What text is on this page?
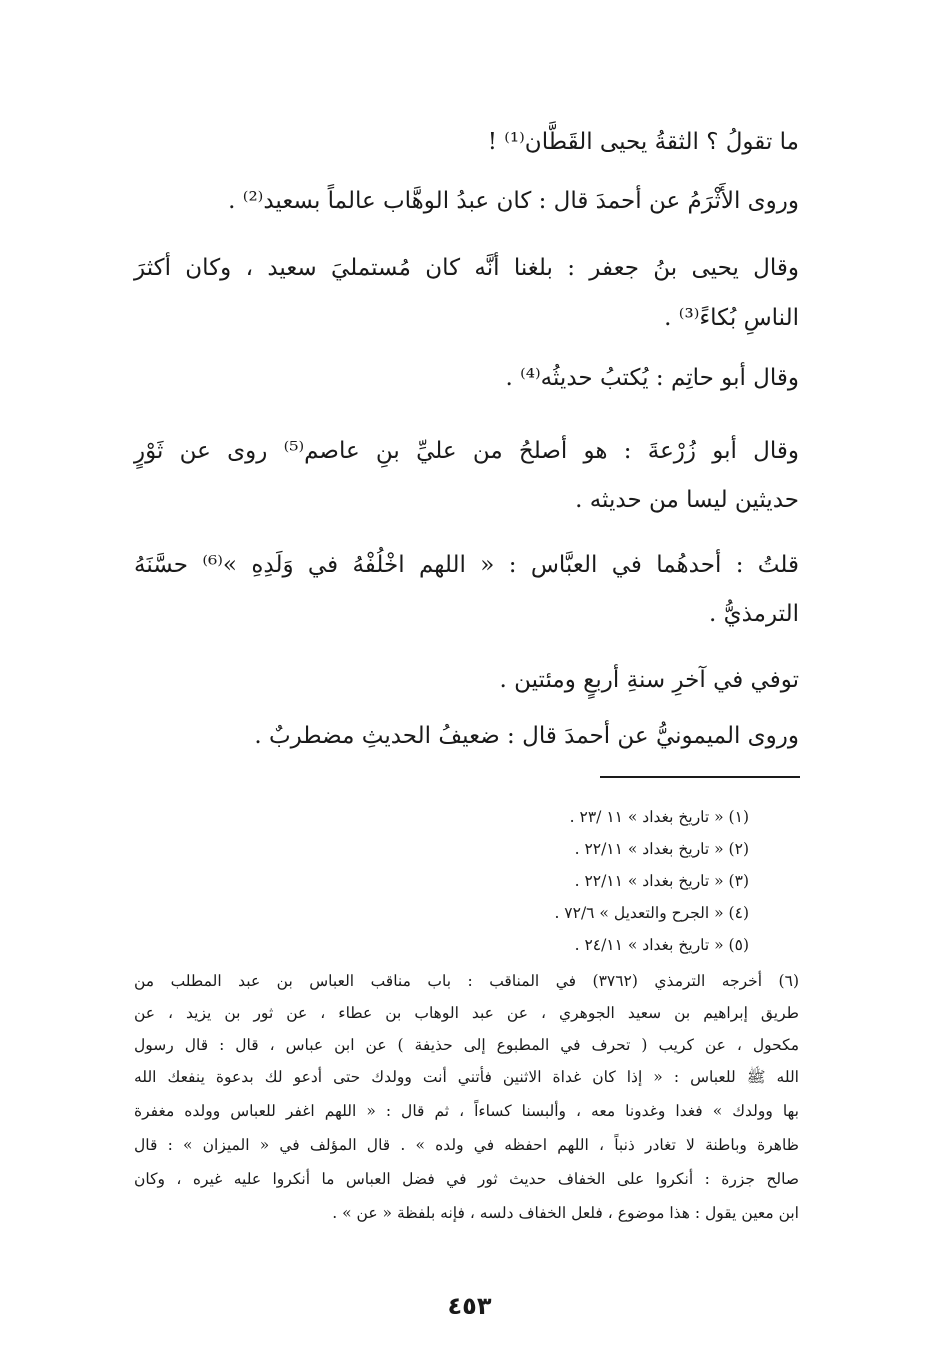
ما تقولُ ؟ الثقةُ يحيى القَطَّان⁽¹⁾ !
وروى الأَثْرَمُ عن أحمدَ قال : كان عبدُ الوهَّاب عالماً بسعيد⁽²⁾ .
وقال يحيى بنُ جعفر : بلغنا أنَّه كان مُستمليَ سعيد ، وكان أكثرَ
الناسِ بُكاءً⁽³⁾ .
وقال أبو حاتِم : يُكتبُ حديثُه⁽⁴⁾ .
وقال أبو زُرْعةَ : هو أصلحُ من عليِّ بنِ عاصم⁽⁵⁾ روى عن ثَوْرٍ
حديثين ليسا من حديثه .
قلتُ : أحدهُما في العبَّاس : « اللهم اخْلُفْهُ في وَلَدِهِ »⁽⁶⁾ حسَّنَهُ
الترمذيُّ .
توفي في آخرِ سنةِ أربعٍ ومئتين .
وروى الميمونيُّ عن أحمدَ قال : ضعيفُ الحديثِ مضطربٌ .
(١) « تاريخ بغداد » ١١ /٢٣ .
(٢) « تاريخ بغداد » ٢٢/١١ .
(٣) « تاريخ بغداد » ٢٢/١١ .
(٤) « الجرح والتعديل » ٧٢/٦ .
(٥) « تاريخ بغداد » ٢٤/١١ .
(٦) أخرجه الترمذي (٣٧٦٢) في المناقب : باب مناقب العباس بن عبد المطلب من
طريق إبراهيم بن سعيد الجوهري ، عن عبد الوهاب بن عطاء ، عن ثور بن يزيد ، عن
مكحول ، عن كريب ( تحرف في المطبوع إلى حذيفة ) عن ابن عباس ، قال : قال رسول
الله ﷺ للعباس : « إذا كان غداة الاثنين فأتني أنت وولدك حتى أدعو لك بدعوة ينفعك الله
بها وولدك » فغدا وغدونا معه ، وألبسنا كساءاً ، ثم قال : « اللهم اغفر للعباس وولده مغفرة
ظاهرة وباطنة لا تغادر ذنباً ، اللهم احفظه في ولده » . قال المؤلف في « الميزان » : قال
صالح جزرة : أنكروا على الخفاف حديث ثور في فضل العباس ما أنكروا عليه غيره ، وكان
ابن معين يقول : هذا موضوع ، فلعل الخفاف دلسه ، فإنه بلفظة « عن » .
٤٥٣
